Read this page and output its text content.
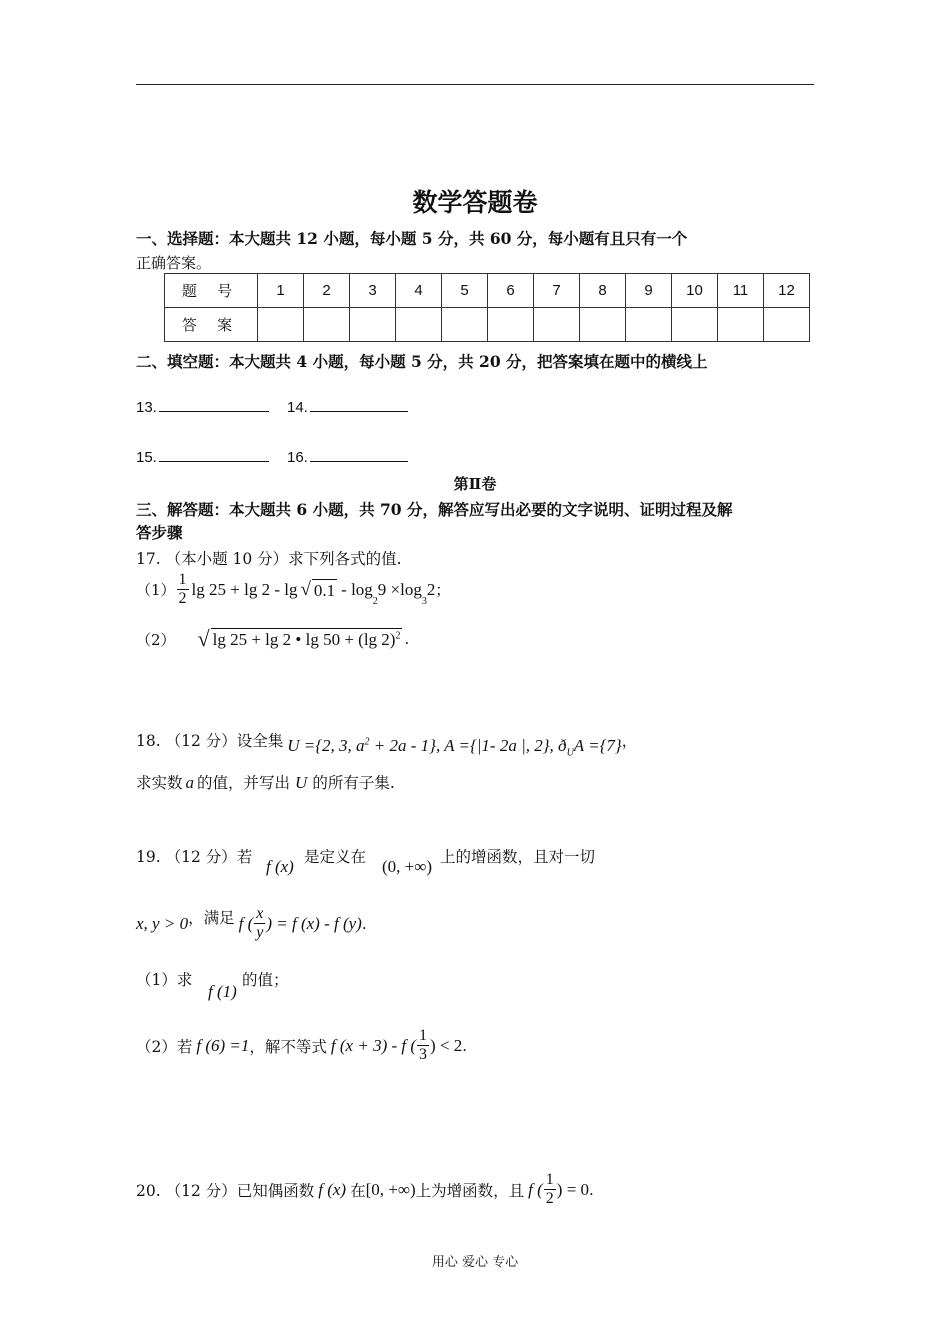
数学答题卷
一、选择题：本大题共 12 小题，每小题 5 分，共 60 分，每小题有且只有一个
正确答案。
题 号	1	2	3	4	5	6	7	8	9	10	11	12
答 案												
二、填空题：本大题共 4 小题，每小题 5 分，共 20 分，把答案填在题中的横线上
13.	14.
15.	16.
第Ⅱ卷
三、解答题：本大题共 6 小题，共 70 分，解答应写出必要的文字说明、证明过程及解
答步骤
17. （本小题 10 分）求下列各式的值.
$(1) \frac{1}{2}$ lg 25 + lg 2 - lg √ 0.1 - log
$_2$
9 ×log
$_3$
2 ；
（2） √ lg 25 + lg 2 • lg 50 + (lg 2)$^2$ .
18. （12 分）设全集 U ={2, 3, $a^2 + 2a - 1$}, A ={|1- 2a |, 2}, $ð_UA =\{7\}$ ，
求实数 a 的值，并写出 U 的所有子集.
19. （12 分）若 f (x) 是定义在 (0, +∞) 上的增函数，且对一切
x, y > 0 ， 满足 f ( $\frac{x}{y}$ ) = f (x) - f (y) .
（1）求
f (1)
的值；
（2）若 f (6) =1 ，解不等式 f (x + 3) - f ( $\frac{1}{3}$ ) < 2 .
20. （12 分）已知偶函数 f (x) 在 [0, +∞) 上为增函数，且 f ( $\frac{1}{2}$ ) = 0 .
用心 爱心 专心
